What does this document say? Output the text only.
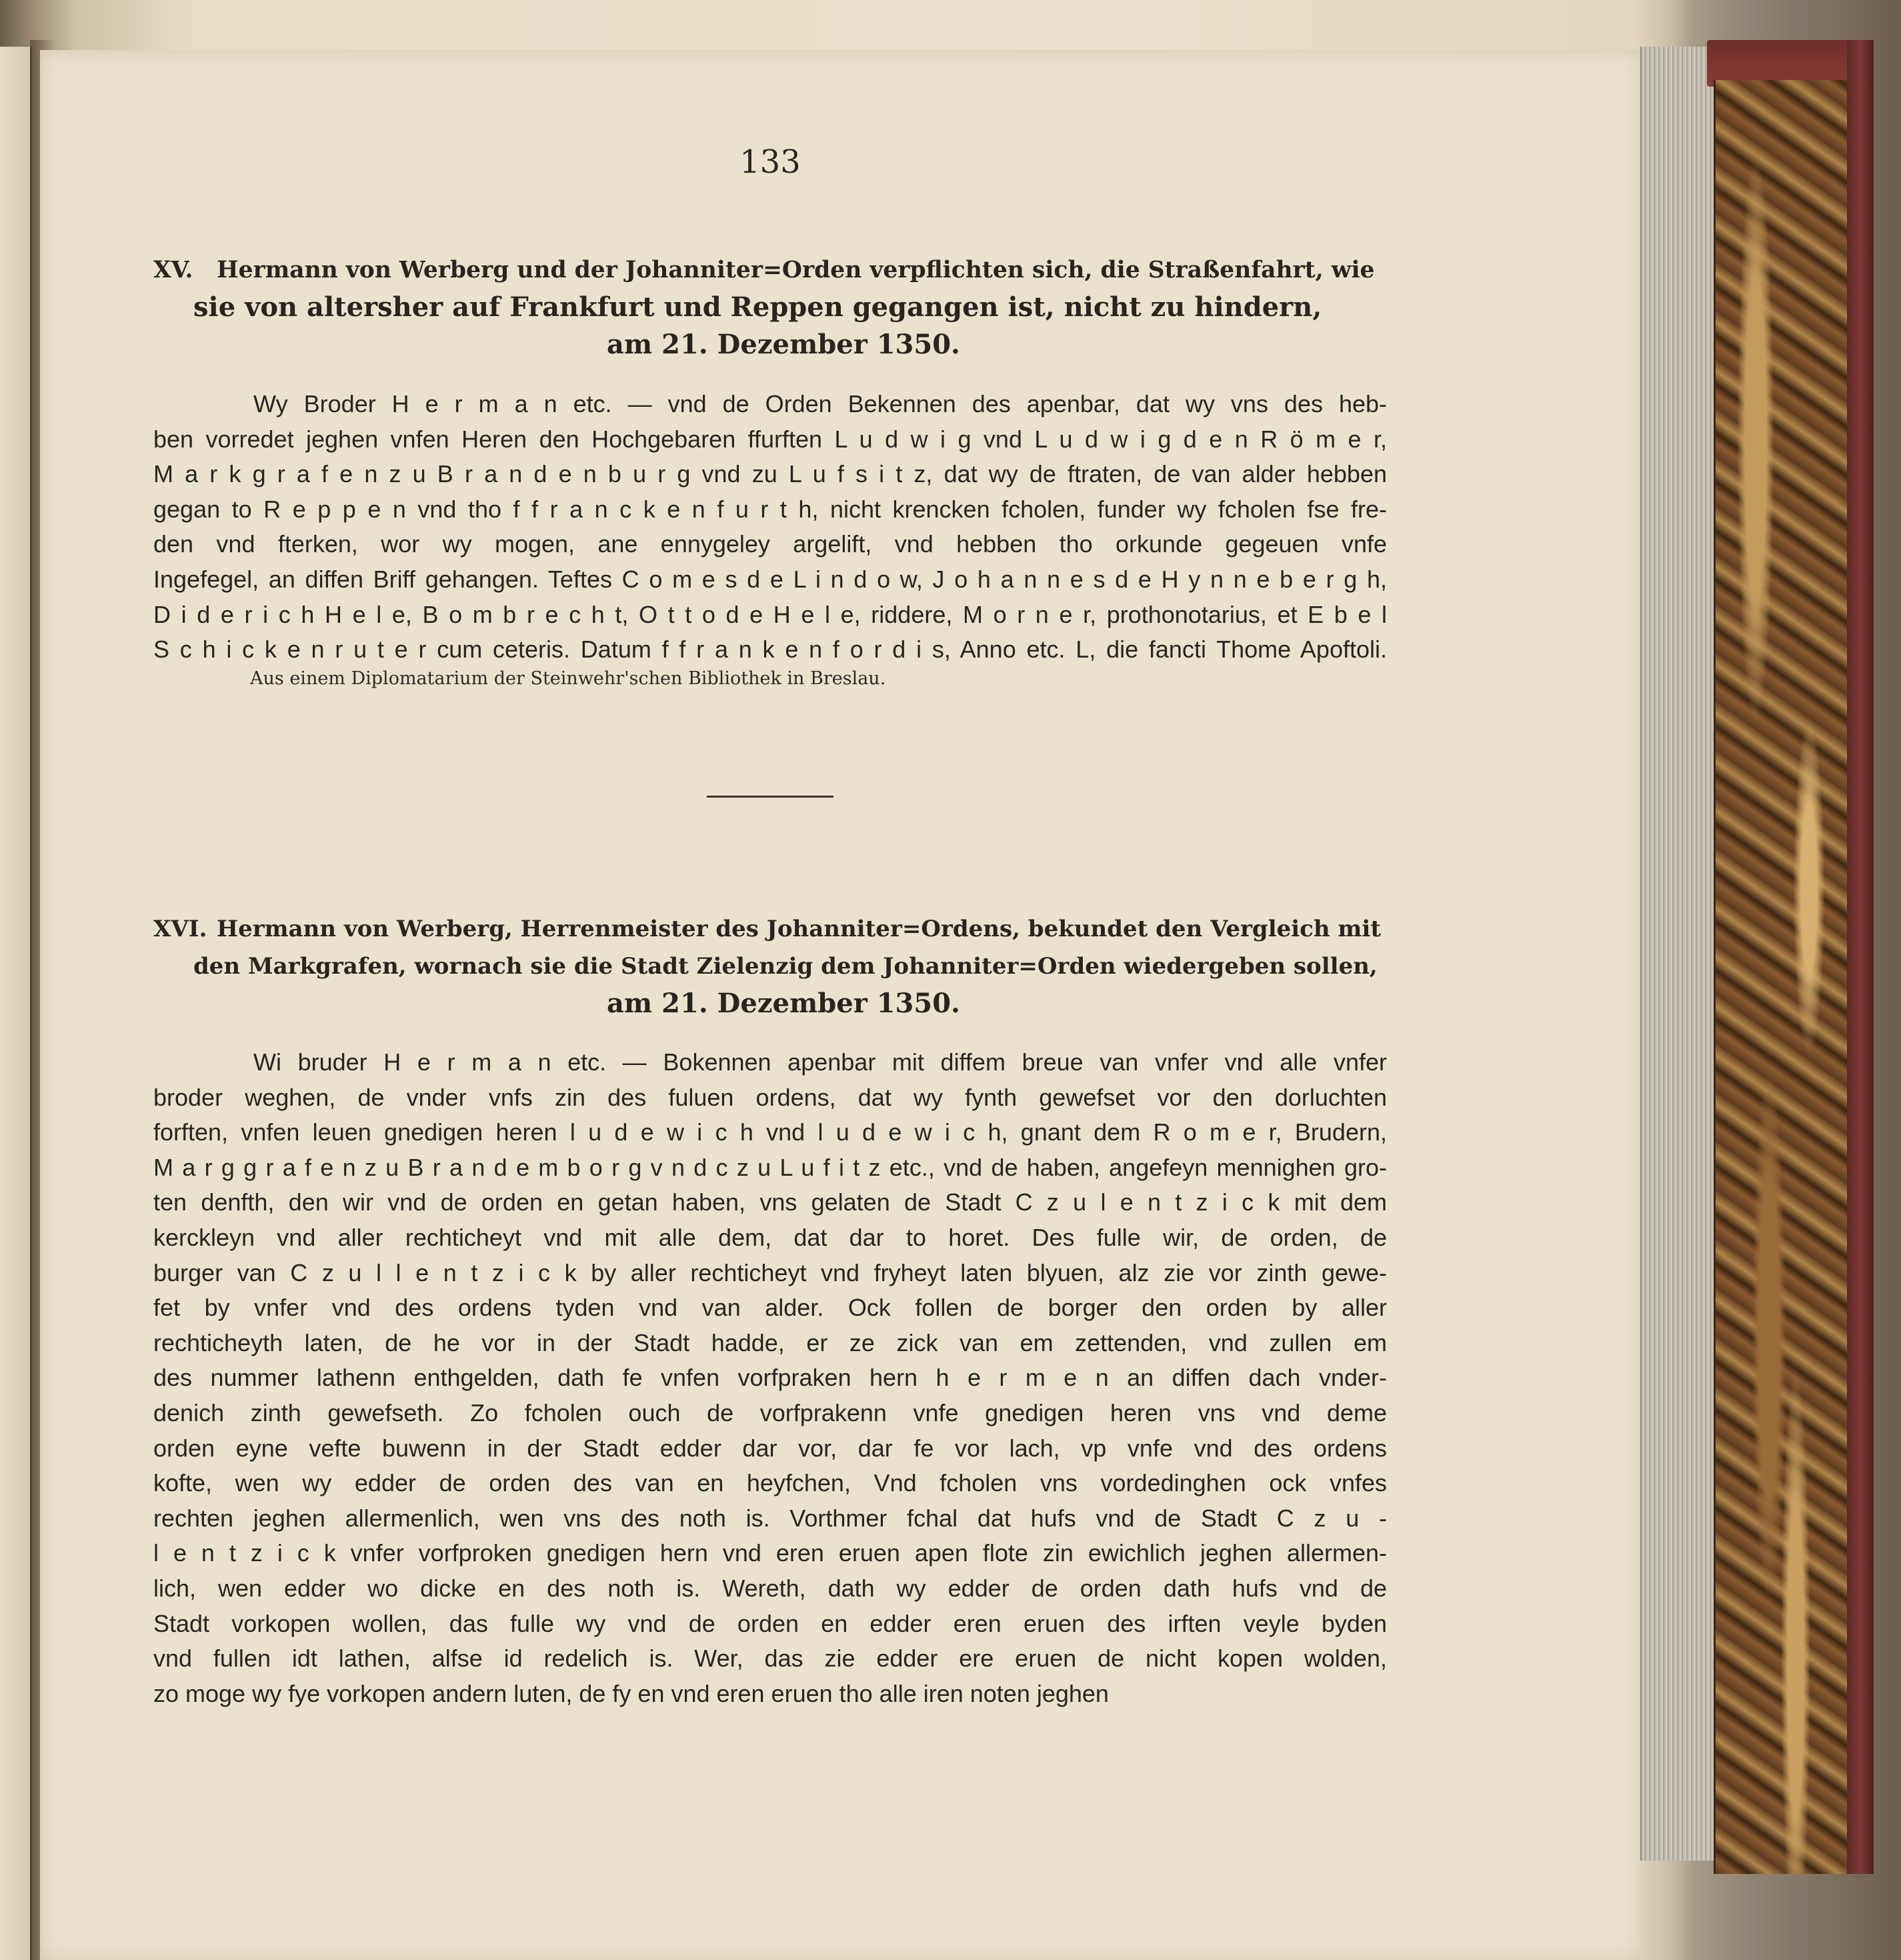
133
XV. Hermann von Werberg und der Johanniter=Orden verpflichten sich, die Straßenfahrt, wie
sie von altersher auf Frankfurt und Reppen gegangen ist, nicht zu hindern,
am 21. Dezember 1350.
Wy Broder H e r m a n etc. — vnd de Orden Bekennen des apenbar, dat wy vns des heb-
ben vorredet jeghen vnfen Heren den Hochgebaren ffurften L u d w i g vnd L u d w i g d e n R ö m e r,
M a r k g r a f e n z u B r a n d e n b u r g vnd zu L u f s i t z, dat wy de ftraten, de van alder hebben
gegan to R e p p e n vnd tho f f r a n c k e n f u r t h, nicht krencken fcholen, funder wy fcholen fse fre-
den vnd fterken, wor wy mogen, ane ennygeley argelift, vnd hebben tho orkunde gegeuen vnfe
Ingefegel, an diffen Briff gehangen. Teftes C o m e s d e L i n d o w, J o h a n n e s d e H y n n e b e r g h,
D i d e r i c h H e l e, B o m b r e c h t, O t t o d e H e l e, riddere, M o r n e r, prothonotarius, et E b e l
S c h i c k e n r u t e r cum ceteris. Datum f f r a n k e n f o r d i s, Anno etc. L, die fancti Thome Apoftoli.
Aus einem Diplomatarium der Steinwehr'schen Bibliothek in Breslau.
XVI. Hermann von Werberg, Herrenmeister des Johanniter=Ordens, bekundet den Vergleich mit
den Markgrafen, wornach sie die Stadt Zielenzig dem Johanniter=Orden wiedergeben sollen,
am 21. Dezember 1350.
Wi bruder H e r m a n etc. — Bokennen apenbar mit diffem breue van vnfer vnd alle vnfer
broder weghen, de vnder vnfs zin des fuluen ordens, dat wy fynth gewefset vor den dorluchten
forften, vnfen leuen gnedigen heren l u d e w i c h vnd l u d e w i c h, gnant dem R o m e r, Brudern,
M a r g g r a f e n z u B r a n d e m b o r g v n d c z u L u f i t z etc., vnd de haben, angefeyn mennighen gro-
ten denfth, den wir vnd de orden en getan haben, vns gelaten de Stadt C z u l e n t z i c k mit dem
kerckleyn vnd aller rechticheyt vnd mit alle dem, dat dar to horet. Des fulle wir, de orden, de
burger van C z u l l e n t z i c k by aller rechticheyt vnd fryheyt laten blyuen, alz zie vor zinth gewe-
fet by vnfer vnd des ordens tyden vnd van alder. Ock follen de borger den orden by aller
rechticheyth laten, de he vor in der Stadt hadde, er ze zick van em zettenden, vnd zullen em
des nummer lathenn enthgelden, dath fe vnfen vorfpraken hern h e r m e n an diffen dach vnder-
denich zinth gewefseth. Zo fcholen ouch de vorfprakenn vnfe gnedigen heren vns vnd deme
orden eyne vefte buwenn in der Stadt edder dar vor, dar fe vor lach, vp vnfe vnd des ordens
kofte, wen wy edder de orden des van en heyfchen, Vnd fcholen vns vordedinghen ock vnfes
rechten jeghen allermenlich, wen vns des noth is. Vorthmer fchal dat hufs vnd de Stadt C z u -
l e n t z i c k vnfer vorfproken gnedigen hern vnd eren eruen apen flote zin ewichlich jeghen allermen-
lich, wen edder wo dicke en des noth is. Wereth, dath wy edder de orden dath hufs vnd de
Stadt vorkopen wollen, das fulle wy vnd de orden en edder eren eruen des irften veyle byden
vnd fullen idt lathen, alfse id redelich is. Wer, das zie edder ere eruen de nicht kopen wolden,
zo moge wy fye vorkopen andern luten, de fy en vnd eren eruen tho alle iren noten jeghen
